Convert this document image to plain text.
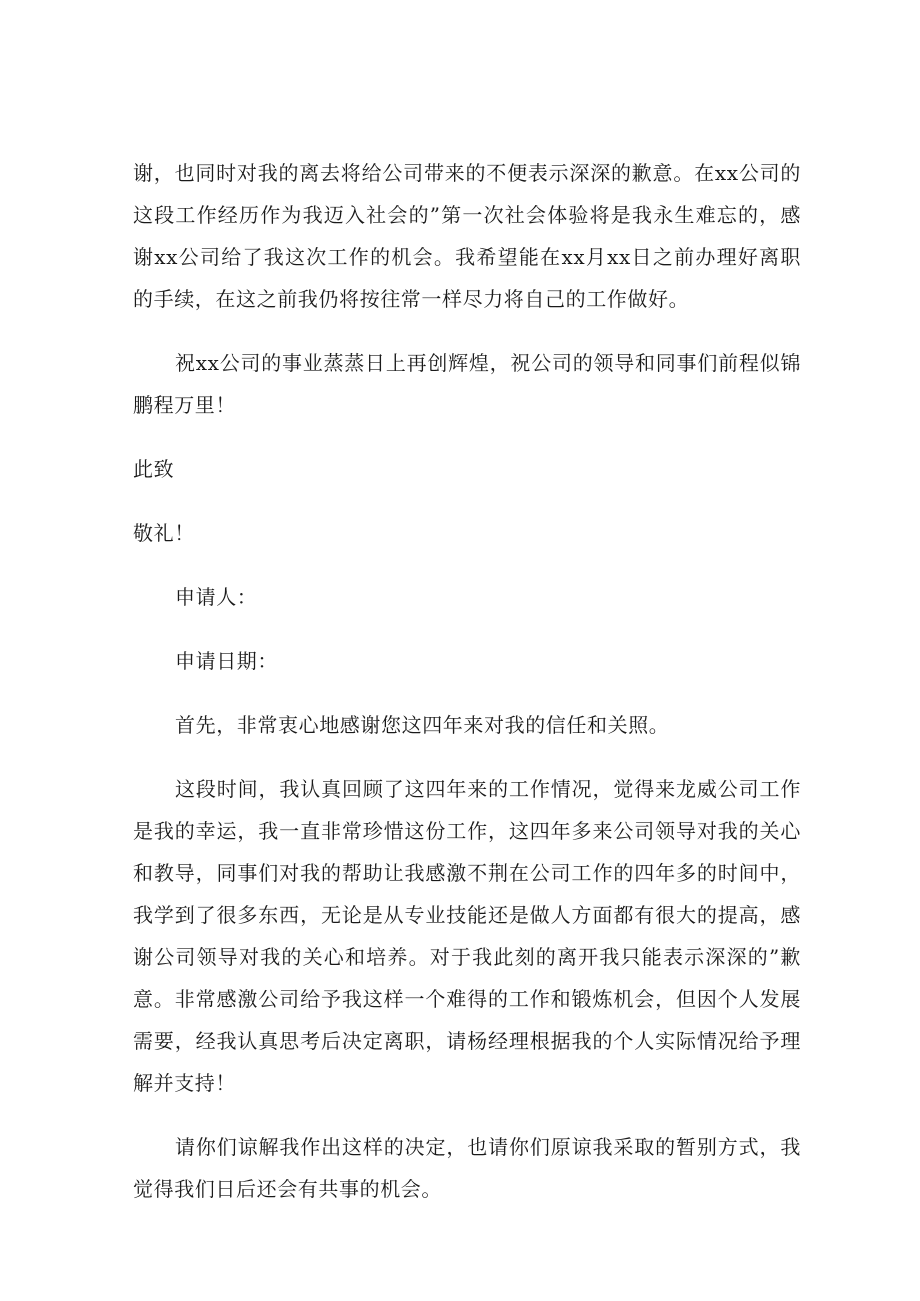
谢，也同时对我的离去将给公司带来的不便表示深深的歉意。在xx公司的这段工作经历作为我迈入社会的”第一次社会体验将是我永生难忘的，感谢xx公司给了我这次工作的机会。我希望能在xx月xx日之前办理好离职的手续，在这之前我仍将按往常一样尽力将自己的工作做好。

祝xx公司的事业蒸蒸日上再创辉煌，祝公司的领导和同事们前程似锦鹏程万里！

此致

敬礼！

申请人：

申请日期：

首先，非常衷心地感谢您这四年来对我的信任和关照。

这段时间，我认真回顾了这四年来的工作情况，觉得来龙威公司工作是我的幸运，我一直非常珍惜这份工作，这四年多来公司领导对我的关心和教导，同事们对我的帮助让我感激不荆在公司工作的四年多的时间中，我学到了很多东西，无论是从专业技能还是做人方面都有很大的提高，感谢公司领导对我的关心和培养。对于我此刻的离开我只能表示深深的”歉意。非常感激公司给予我这样一个难得的工作和锻炼机会，但因个人发展需要，经我认真思考后决定离职，请杨经理根据我的个人实际情况给予理解并支持！

请你们谅解我作出这样的决定，也请你们原谅我采取的暂别方式，我觉得我们日后还会有共事的机会。
